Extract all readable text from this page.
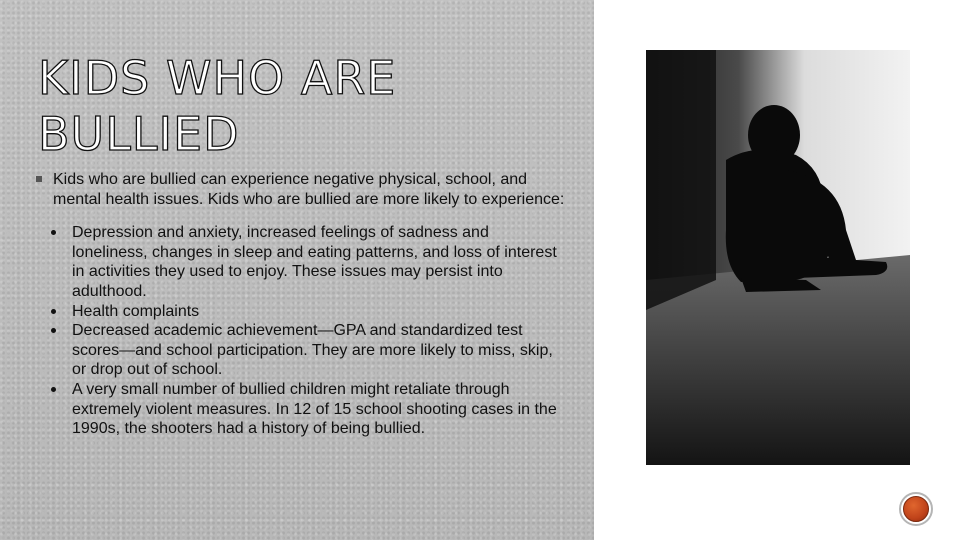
KIDS WHO ARE BULLIED

Kids who are bullied can experience negative physical, school, and mental health issues. Kids who are bullied are more likely to experience:

Depression and anxiety, increased feelings of sadness and loneliness, changes in sleep and eating patterns, and loss of interest in activities they used to enjoy. These issues may persist into adulthood.
Health complaints
Decreased academic achievement—GPA and standardized test scores—and school participation. They are more likely to miss, skip, or drop out of school.
A very small number of bullied children might retaliate through extremely violent measures. In 12 of 15 school shooting cases in the 1990s, the shooters had a history of being bullied.
